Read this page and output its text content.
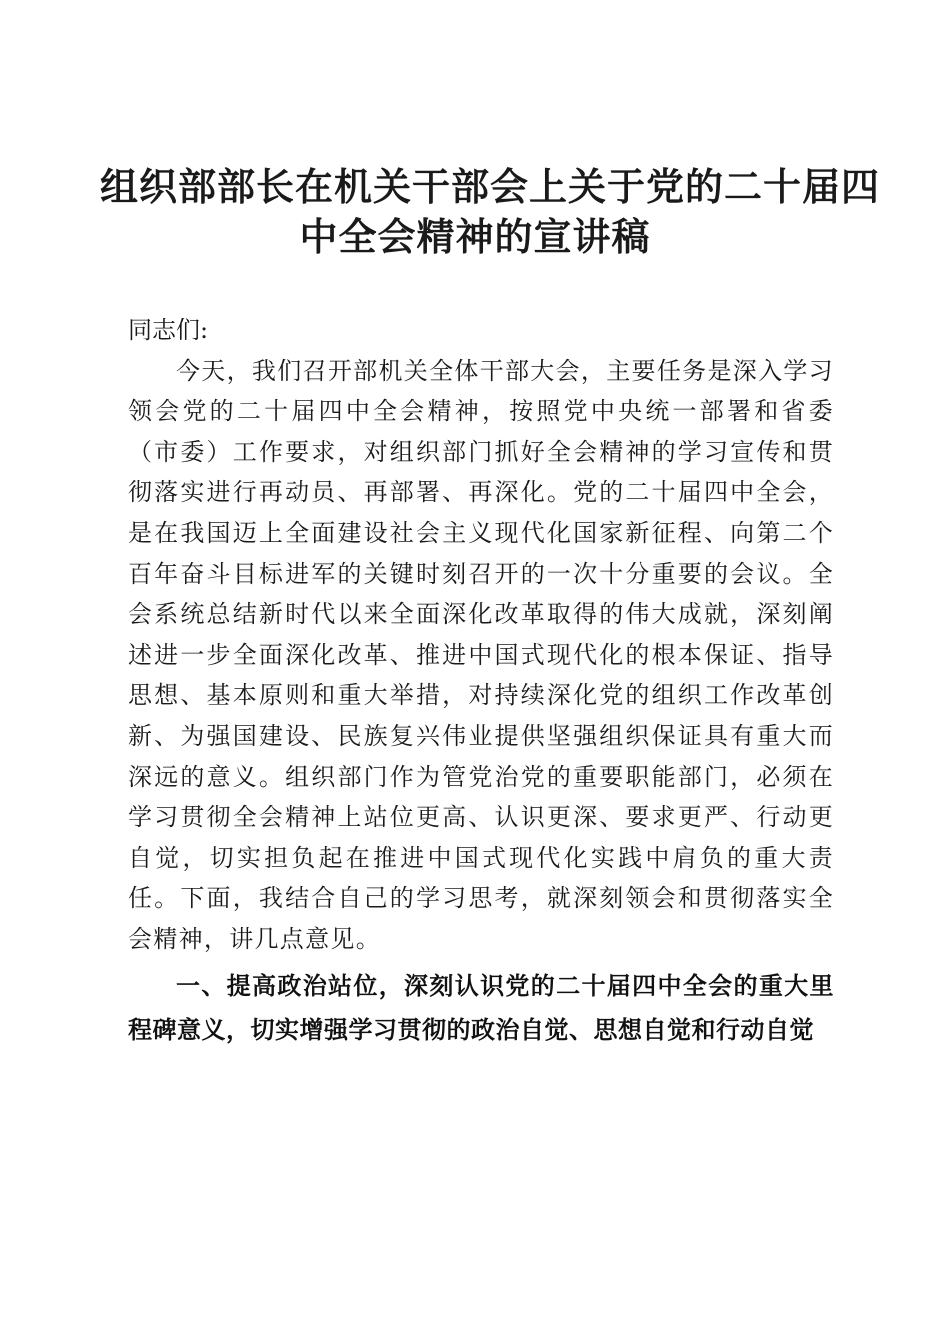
组织部部长在机关干部会上关于党的二十届四
中全会精神的宣讲稿

同志们:

今天，我们召开部机关全体干部大会，主要任务是深入学习领会党的二十届四中全会精神，按照党中央统一部署和省委（市委）工作要求，对组织部门抓好全会精神的学习宣传和贯彻落实进行再动员、再部署、再深化。党的二十届四中全会，是在我国迈上全面建设社会主义现代化国家新征程、向第二个百年奋斗目标进军的关键时刻召开的一次十分重要的会议。全会系统总结新时代以来全面深化改革取得的伟大成就，深刻阐述进一步全面深化改革、推进中国式现代化的根本保证、指导思想、基本原则和重大举措，对持续深化党的组织工作改革创新、为强国建设、民族复兴伟业提供坚强组织保证具有重大而深远的意义。组织部门作为管党治党的重要职能部门，必须在学习贯彻全会精神上站位更高、认识更深、要求更严、行动更自觉，切实担负起在推进中国式现代化实践中肩负的重大责任。下面，我结合自己的学习思考，就深刻领会和贯彻落实全会精神，讲几点意见。

一、提高政治站位，深刻认识党的二十届四中全会的重大里程碑意义，切实增强学习贯彻的政治自觉、思想自觉和行动自觉
